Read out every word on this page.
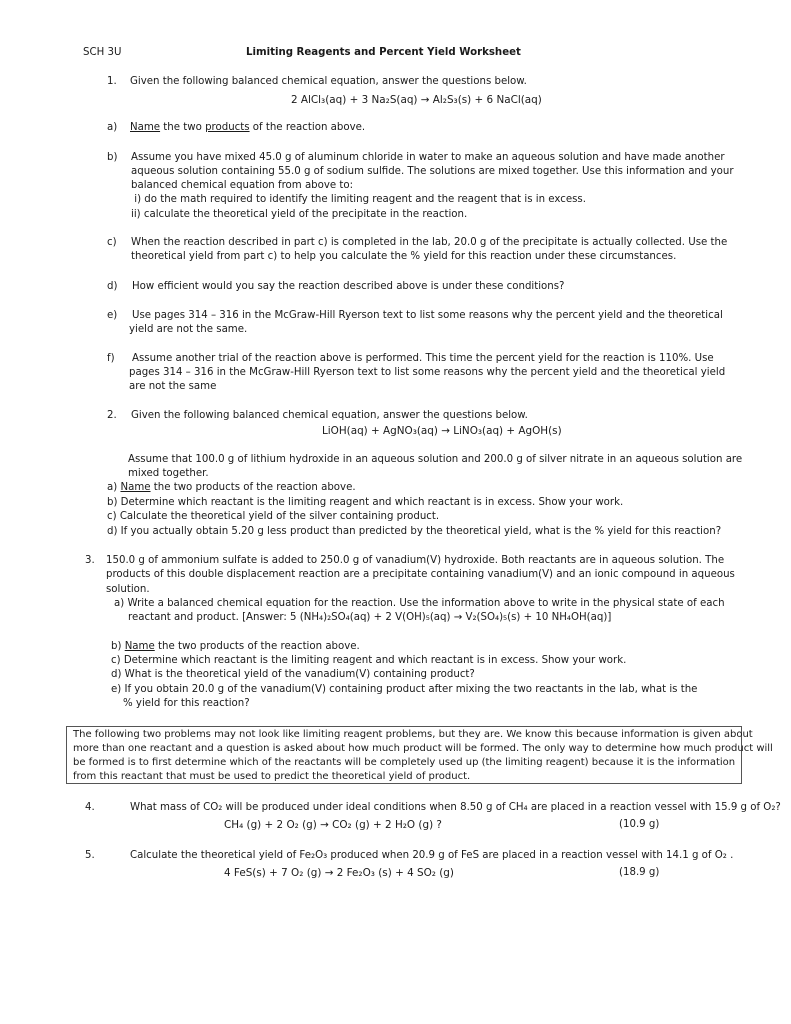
SCH 3U	Limiting Reagents and Percent Yield Worksheet
1. Given the following balanced chemical equation, answer the questions below.
2 AlCl₃(aq) + 3 Na₂S(aq) → Al₂S₃(s) + 6 NaCl(aq)
a) Name the two products of the reaction above.
b) Assume you have mixed 45.0 g of aluminum chloride in water to make an aqueous solution and have made another
aqueous solution containing 55.0 g of sodium sulfide. The solutions are mixed together. Use this information and your
balanced chemical equation from above to:
i) do the math required to identify the limiting reagent and the reagent that is in excess.
ii) calculate the theoretical yield of the precipitate in the reaction.
c) When the reaction described in part c) is completed in the lab, 20.0 g of the precipitate is actually collected. Use the
theoretical yield from part c) to help you calculate the % yield for this reaction under these circumstances.
d) How efficient would you say the reaction described above is under these conditions?
e) Use pages 314 – 316 in the McGraw-Hill Ryerson text to list some reasons why the percent yield and the theoretical
yield are not the same.
f) Assume another trial of the reaction above is performed. This time the percent yield for the reaction is 110%. Use
pages 314 – 316 in the McGraw-Hill Ryerson text to list some reasons why the percent yield and the theoretical yield
are not the same
2. Given the following balanced chemical equation, answer the questions below.
LiOH(aq) + AgNO₃(aq) → LiNO₃(aq) + AgOH(s)
Assume that 100.0 g of lithium hydroxide in an aqueous solution and 200.0 g of silver nitrate in an aqueous solution are
mixed together.
a) Name the two products of the reaction above.
b) Determine which reactant is the limiting reagent and which reactant is in excess. Show your work.
c) Calculate the theoretical yield of the silver containing product.
d) If you actually obtain 5.20 g less product than predicted by the theoretical yield, what is the % yield for this reaction?
3. 150.0 g of ammonium sulfate is added to 250.0 g of vanadium(V) hydroxide. Both reactants are in aqueous solution. The
products of this double displacement reaction are a precipitate containing vanadium(V) and an ionic compound in aqueous
solution.
a) Write a balanced chemical equation for the reaction. Use the information above to write in the physical state of each
reactant and product. [Answer: 5 (NH₄)₂SO₄(aq) + 2 V(OH)₅(aq) → V₂(SO₄)₅(s) + 10 NH₄OH(aq)]
b) Name the two products of the reaction above.
c) Determine which reactant is the limiting reagent and which reactant is in excess. Show your work.
d) What is the theoretical yield of the vanadium(V) containing product?
e) If you obtain 20.0 g of the vanadium(V) containing product after mixing the two reactants in the lab, what is the
% yield for this reaction?
The following two problems may not look like limiting reagent problems, but they are. We know this because information is given about
more than one reactant and a question is asked about how much product will be formed. The only way to determine how much product will
be formed is to first determine which of the reactants will be completely used up (the limiting reagent) because it is the information
from this reactant that must be used to predict the theoretical yield of product.
4.	What mass of CO₂ will be produced under ideal conditions when 8.50 g of CH₄ are placed in a reaction vessel with 15.9 g of O₂?
CH₄ (g) + 2 O₂ (g) → CO₂ (g) + 2 H₂O (g) ?	(10.9 g)
5.	Calculate the theoretical yield of Fe₂O₃ produced when 20.9 g of FeS are placed in a reaction vessel with 14.1 g of O₂ .
4 FeS(s) + 7 O₂ (g) → 2 Fe₂O₃ (s) + 4 SO₂ (g)	(18.9 g)
